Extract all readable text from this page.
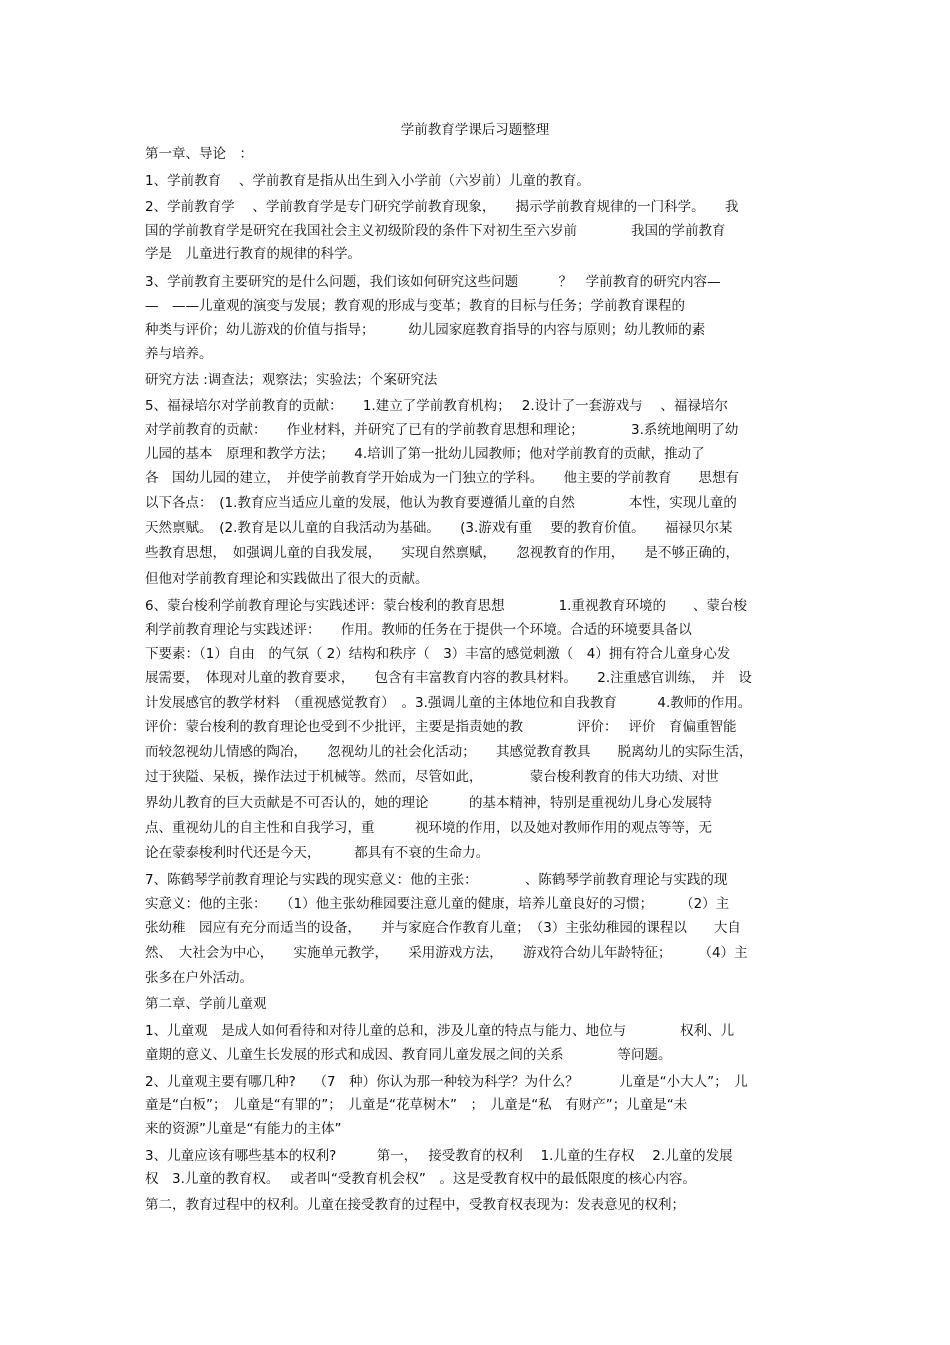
学前教育学课后习题整理
第一章、导论　：
1、学前教育　 、学前教育是指从出生到入小学前（六岁前）儿童的教育。
2、学前教育学　 、学前教育学是专门研究学前教育现象，　　揭示学前教育规律的一门科学。　　我
国的学前教育学是研究在我国社会主义初级阶段的条件下对初生至六岁前　　　　我国的学前教育
学是　儿童进行教育的规律的科学。
3、学前教育主要研究的是什么问题，我们该如何研究这些问题　　　？　学前教育的研究内容—
—　——儿童观的演变与发展；教育观的形成与变革；教育的目标与任务；学前教育课程的
种类与评价；幼儿游戏的价值与指导；　　　幼儿园家庭教育指导的内容与原则；幼儿教师的素
养与培养。
研究方法 :调查法；观察法；实验法；个案研究法
5、福禄培尔对学前教育的贡献：　　1.建立了学前教育机构；　 2.设计了一套游戏与　 、福禄培尔
对学前教育的贡献：　　作业材料，并研究了已有的学前教育思想和理论；　　　　3.系统地阐明了幼
儿园的基本　原理和教学方法；　　4.培训了第一批幼儿园教师；他对学前教育的贡献，推动了
各　国幼儿园的建立，　并使学前教育学开始成为一门独立的学科。　　他主要的学前教育　　思想有
以下各点：　(1.教育应当适应儿童的发展，他认为教育要遵循儿童的自然　　　　本性，实现儿童的
天然禀赋。　(2.教育是以儿童的自我活动为基础。　　(3.游戏有重　 要的教育价值。　　福禄贝尔某
些教育思想，　如强调儿童的自我发展，　　实现自然禀赋，　　忽视教育的作用，　　是不够正确的，
但他对学前教育理论和实践做出了很大的贡献。
6、蒙台梭利学前教育理论与实践述评：蒙台梭利的教育思想　　　　1.重视教育环境的　　、蒙台梭
利学前教育理论与实践述评：　　作用。教师的任务在于提供一个环境。合适的环境要具备以
下要素：（1）自由　的气氛（ 2）结构和秩序（　3）丰富的感觉刺激（　4）拥有符合儿童身心发
展需要，　体现对儿童的教育要求，　　包含有丰富教育内容的教具材料。　　2.注重感官训练，　并　设
计发展感官的教学材料　（重视感觉教育）　。3.强调儿童的主体地位和自我教育　　　4.教师的作用。
评价：蒙台梭利的教育理论也受到不少批评，主要是指责她的教　　　　评价：　 评价　育偏重智能
而较忽视幼儿情感的陶冶，　　忽视幼儿的社会化活动；　　其感觉教育教具　　脱离幼儿的实际生活，
过于狭隘、呆板，操作法过于机械等。然而，尽管如此，　　　　蒙台梭利教育的伟大功绩、对世
界幼儿教育的巨大贡献是不可否认的，她的理论　　　的基本精神，特别是重视幼儿身心发展特
点、重视幼儿的自主性和自我学习，重　　　视环境的作用，以及她对教师作用的观点等等，无
论在蒙泰梭利时代还是今天，　　　都具有不衰的生命力。
7、陈鹤琴学前教育理论与实践的现实意义：他的主张：　　　　、陈鹤琴学前教育理论与实践的现
实意义：他的主张：　　（1）他主张幼稚园要注意儿童的健康，培养儿童良好的习惯；　　　（2）主
张幼稚　园应有充分而适当的设备，　　并与家庭合作教育儿童；　（3）主张幼稚园的课程以　　大自
然、　大社会为中心，　　实施单元教学，　　采用游戏方法，　　游戏符合幼儿年龄特征；　　　（4）主
张多在户外活动。
第二章、学前儿童观
1、儿童观　是成人如何看待和对待儿童的总和，涉及儿童的特点与能力、地位与　　　　权利、儿
童期的意义、儿童生长发展的形式和成因、教育同儿童发展之间的关系　　　　等问题。
2、儿童观主要有哪几种?　 （7　种）你认为那一种较为科学？为什么？　　　儿童是“小大人”；　儿
童是“白板”；　儿童是“有罪的”；　儿童是“花草树木”　；　儿童是“私　有财产”；儿童是“未
来的资源”儿童是“有能力的主体”
3、儿童应该有哪些基本的权利?　　　第一，　 接受教育的权利　 1.儿童的生存权　 2.儿童的发展
权　3.儿童的教育权。　 或者叫“受教育机会权”　。这是受教育权中的最低限度的核心内容。
第二，教育过程中的权利。儿童在接受教育的过程中，受教育权表现为：发表意见的权利；
